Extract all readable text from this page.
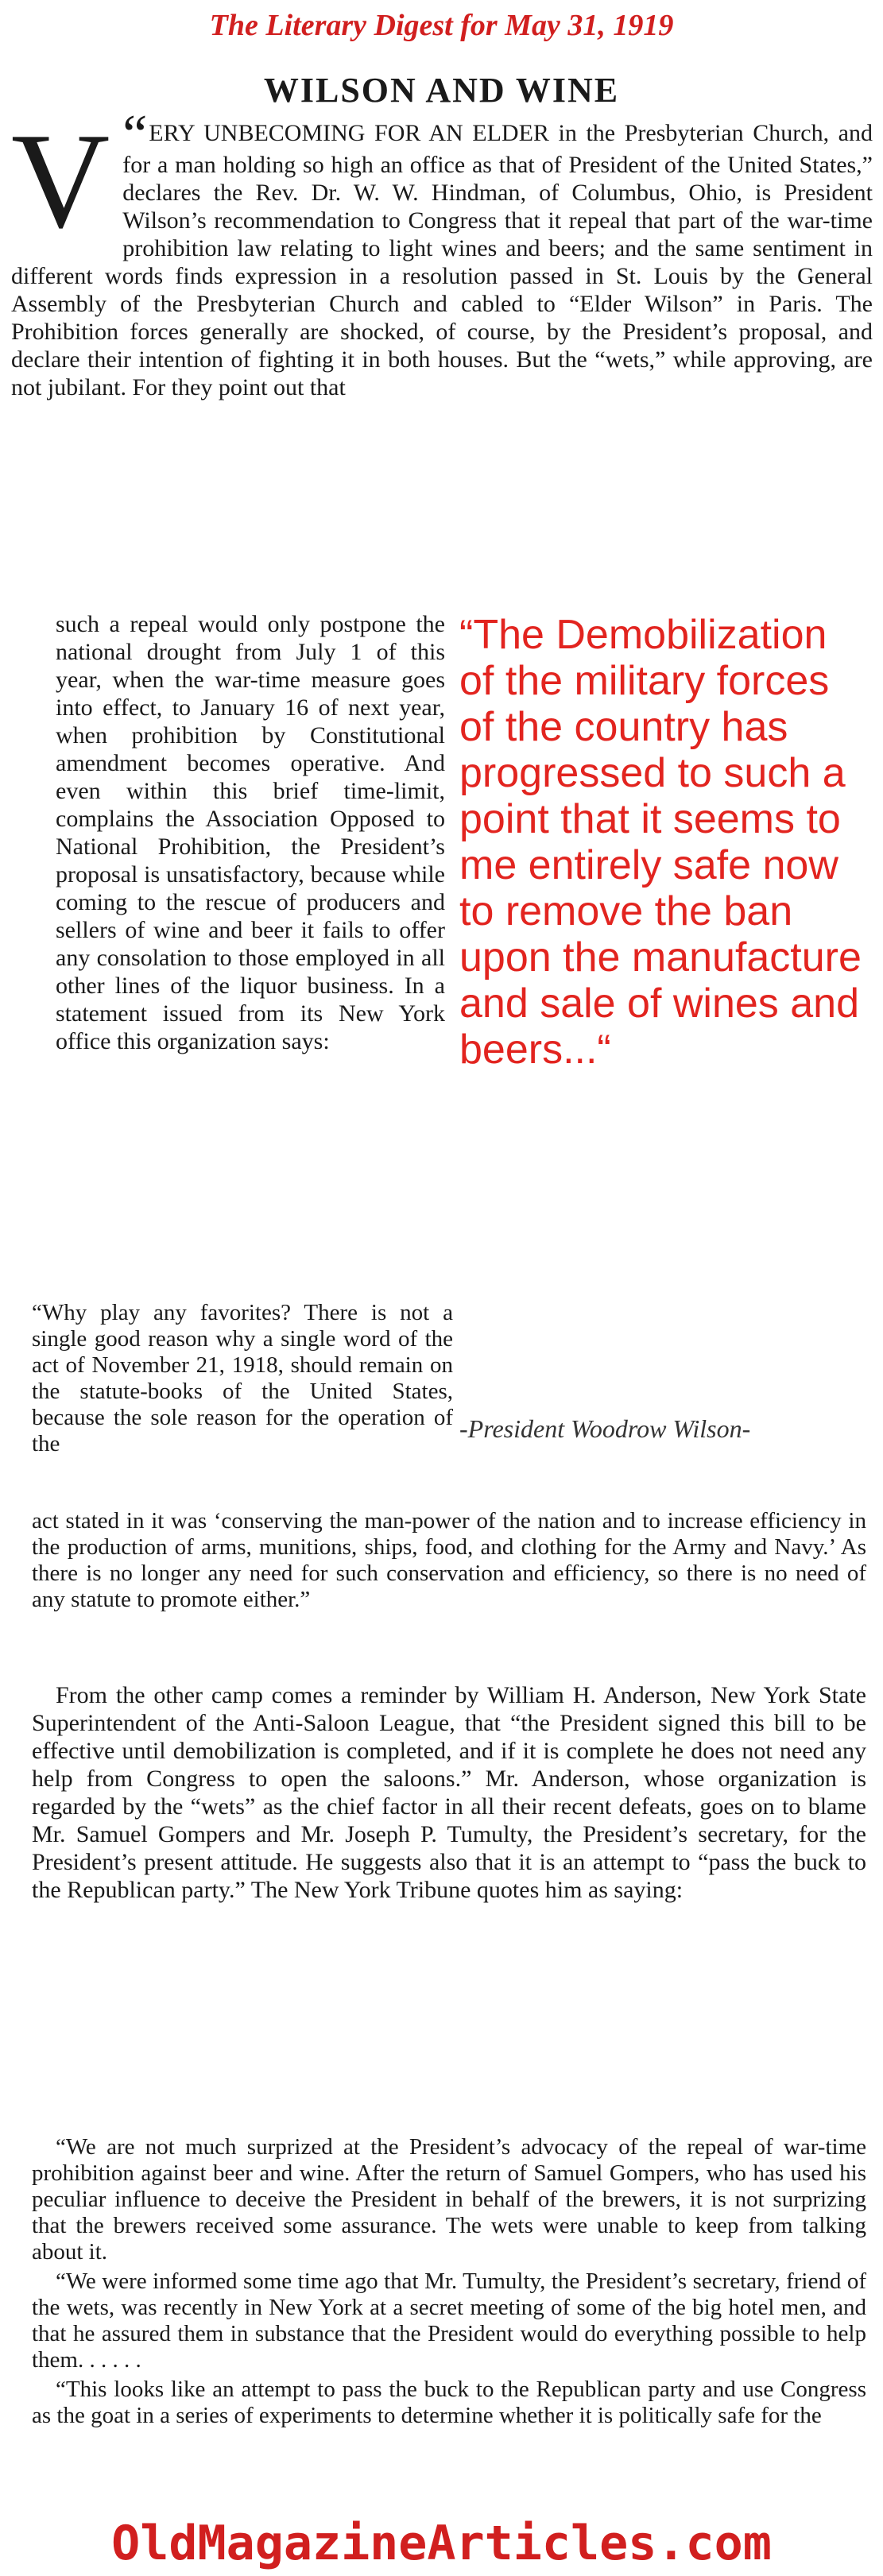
The Literary Digest for May 31, 1919
WILSON AND WINE
“
V ERY UNBECOMING FOR AN ELDER in the Presbyterian Church, and for a man holding so high an office as that of President of the United States,” declares the Rev. Dr. W. W. Hindman, of Columbus, Ohio, is President Wilson’s recommendation to Congress that it repeal that part of the war-time prohibition law relating to light wines and beers; and the same sentiment in different words finds expression in a resolution passed in St. Louis by the General Assembly of the Presbyterian Church and cabled to “Elder Wilson” in Paris. The Prohibition forces generally are shocked, of course, by the President’s proposal, and declare their intention of fighting it in both houses. But the “wets,” while approving, are not jubilant. For they point out that

such a repeal would only postpone the national drought from July 1 of this year, when the war-time measure goes into effect, to January 16 of next year, when prohibition by Constitutional amendment becomes operative. And even within this brief time-limit, complains the Association Opposed to National Prohibition, the President’s proposal is unsatisfactory, because while coming to the rescue of producers and sellers of wine and beer it fails to offer any consolation to those employed in all other lines of the liquor business. In a statement issued from its New York office this organization says:

“Why play any favorites? There is not a single good reason why a single word of the act of November 21, 1918, should remain on the statute-books of the United States, because the sole reason for the operation of the
“The Demobilization of the military forces of the country has progressed to such a point that it seems to me entirely safe now to remove the ban upon the manufacture and sale of wines and beers...“
-President Woodrow Wilson-
act stated in it was ‘conserving the man-power of the nation and to increase efficiency in the production of arms, munitions, ships, food, and clothing for the Army and Navy.’ As there is no longer any need for such conservation and efficiency, so there is no need of any statute to promote either.”
From the other camp comes a reminder by William H. Anderson, New York State Superintendent of the Anti-Saloon League, that “the President signed this bill to be effective until demobilization is completed, and if it is complete he does not need any help from Congress to open the saloons.” Mr. Anderson, whose organization is regarded by the “wets” as the chief factor in all their recent defeats, goes on to blame Mr. Samuel Gompers and Mr. Joseph P. Tumulty, the President’s secretary, for the President’s present attitude. He suggests also that it is an attempt to “pass the buck to the Republican party.” The New York Tribune quotes him as saying:

“We are not much surprized at the President’s advocacy of the repeal of war-time prohibition against beer and wine. After the return of Samuel Gompers, who has used his peculiar influence to deceive the President in behalf of the brewers, it is not surprizing that the brewers received some assurance. The wets were unable to keep from talking about it.

“We were informed some time ago that Mr. Tumulty, the President’s secretary, friend of the wets, was recently in New York at a secret meeting of some of the big hotel men, and that he assured them in substance that the President would do everything possible to help them. . . . . .

“This looks like an attempt to pass the buck to the Republican party and use Congress as the goat in a series of experiments to determine whether it is politically safe for the

OldMagazineArticles.com
